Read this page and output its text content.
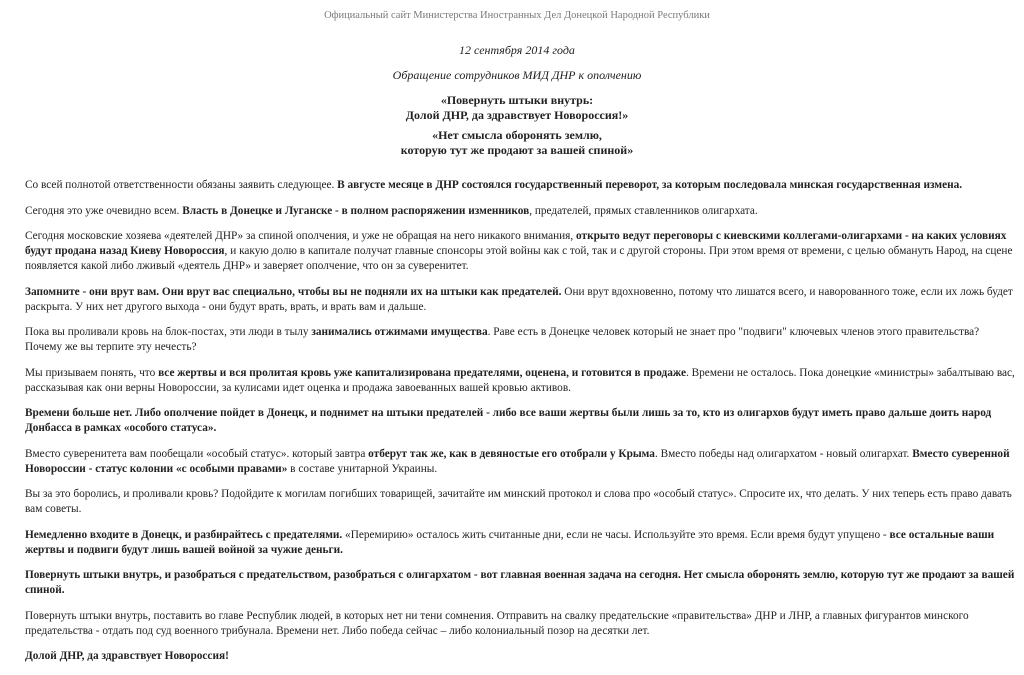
Официальный сайт Министерства Иностранных Дел Донецкой Народной Республики
12 сентября 2014 года
Обращение сотрудников МИД ДНР к ополчению
«Повернуть штыки внутрь:
Долой ДНР, да здравствует Новороссия!»
«Нет смысла оборонять землю,
которую тут же продают за вашей спиной»

Со всей полнотой ответственности обязаны заявить следующее. В августе месяце в ДНР состоялся государственный переворот, за которым последовала минская государственная измена.

Сегодня это уже очевидно всем. Власть в Донецке и Луганске - в полном распоряжении изменников, предателей, прямых ставленников олигархата.

Сегодня московские хозяева «деятелей ДНР» за спиной ополчения, и уже не обращая на него никакого внимания, открыто ведут переговоры с киевскими коллегами-олигархами - на каких условиях будут продана назад Киеву Новороссия, и какую долю в капитале получат главные спонсоры этой войны как с той, так и с другой стороны. При этом время от времени, с целью обмануть Народ, на сцене появляется какой либо лживый «деятель ДНР» и заверяет ополчение, что он за суверенитет.

Запомните - они врут вам. Они врут вас специально, чтобы вы не подняли их на штыки как предателей. Они врут вдохновенно, потому что лишатся всего, и наворованного тоже, если их ложь будет раскрыта. У них нет другого выхода - они будут врать, врать, и врать вам и дальше.

Пока вы проливали кровь на блок-постах, эти люди в тылу занимались отжимами имущества. Раве есть в Донецке человек который не знает про "подвиги" ключевых членов этого правительства? Почему же вы терпите эту нечесть?

Мы призываем понять, что все жертвы и вся пролитая кровь уже капитализирована предателями, оценена, и готовится в продаже. Времени не осталось. Пока донецкие «министры» забалтываю вас, рассказывая как они верны Новороссии, за кулисами идет оценка и продажа завоеванных вашей кровью активов.

Времени больше нет. Либо ополчение пойдет в Донецк, и поднимет на штыки предателей - либо все ваши жертвы были лишь за то, кто из олигархов будут иметь право дальше доить народ Донбасса в рамках «особого статуса».

Вместо суверенитета вам пообещали «особый статус». который завтра отберут так же, как в девяностые его отобрали у Крыма. Вместо победы над олигархатом - новый олигархат. Вместо суверенной Новороссии - статус колонии «с особыми правами» в составе унитарной Украины.

Вы за это боролись, и проливали кровь? Подойдите к могилам погибших товарищей, зачитайте им минский протокол и слова про «особый статус». Спросите их, что делать. У них теперь есть право давать вам советы.

Немедленно входите в Донецк, и разбирайтесь с предателями. «Перемирию» осталось жить считанные дни, если не часы. Используйте это время. Если время будут упущено - все остальные ваши жертвы и подвиги будут лишь вашей войной за чужие деньги.

Повернуть штыки внутрь, и разобраться с предательством, разобраться с олигархатом - вот главная военная задача на сегодня. Нет смысла оборонять землю, которую тут же продают за вашей спиной.

Повернуть штыки внутрь, поставить во главе Республик людей, в которых нет ни тени сомнения. Отправить на свалку предательские «правительства» ДНР и ЛНР, а главных фигурантов минского предательства - отдать под суд военного трибунала. Времени нет. Либо победа сейчас – либо колониальный позор на десятки лет.

Долой ДНР, да здравствует Новороссия!
